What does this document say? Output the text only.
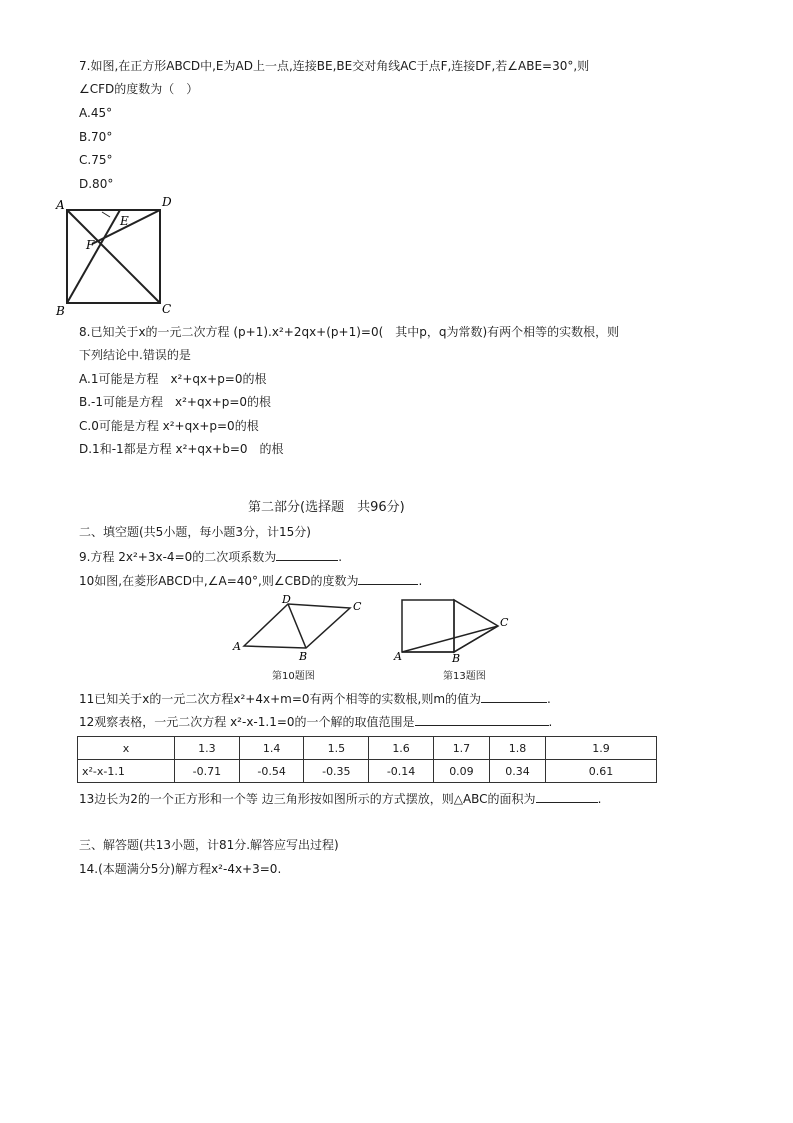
7.如图,在正方形ABCD中,E为AD上一点,连接BE,BE交对角线AC于点F,连接DF,若∠ABE=30°,则
∠CFD的度数为（　）
A.45°
B.70°
C.75°
D.80°
A	D
E
F
B	C
8.已知关于x的一元二次方程 (p+1).x²+2qx+(p+1)=0(　其中p，q为常数)有两个相等的实数根，则
下列结论中.错误的是
A.1可能是方程　x²+qx+p=0的根
B.-1可能是方程　x²+qx+p=0的根
C.0可能是方程 x²+qx+p=0的根
D.1和-1都是方程 x²+qx+b=0　的根
第二部分(选择题　共96分)
二、填空题(共5小题，每小题3分，计15分)
9.方程 2x²+3x-4=0的二次项系数为	.
10如图,在菱形ABCD中,∠A=40°,则∠CBD的度数为	.
A
B
C
D
第10题图
A	B
C
第13题图
11已知关于x的一元二次方程x²+4x+m=0有两个相等的实数根,则m的值为	.
12观察表格，一元二次方程 x²-x-1.1=0的一个解的取值范围是	.
x	1.3	1.4	1.5	1.6	1.7	1.8	1.9
x²-x-1.1	-0.71	-0.54	-0.35	-0.14	0.09	0.34	0.61
13边长为2的一个正方形和一个等 边三角形按如图所示的方式摆放，则△ABC的面积为	.
三、解答题(共13小题，计81分.解答应写出过程)
14.(本题满分5分)解方程x²-4x+3=0.
